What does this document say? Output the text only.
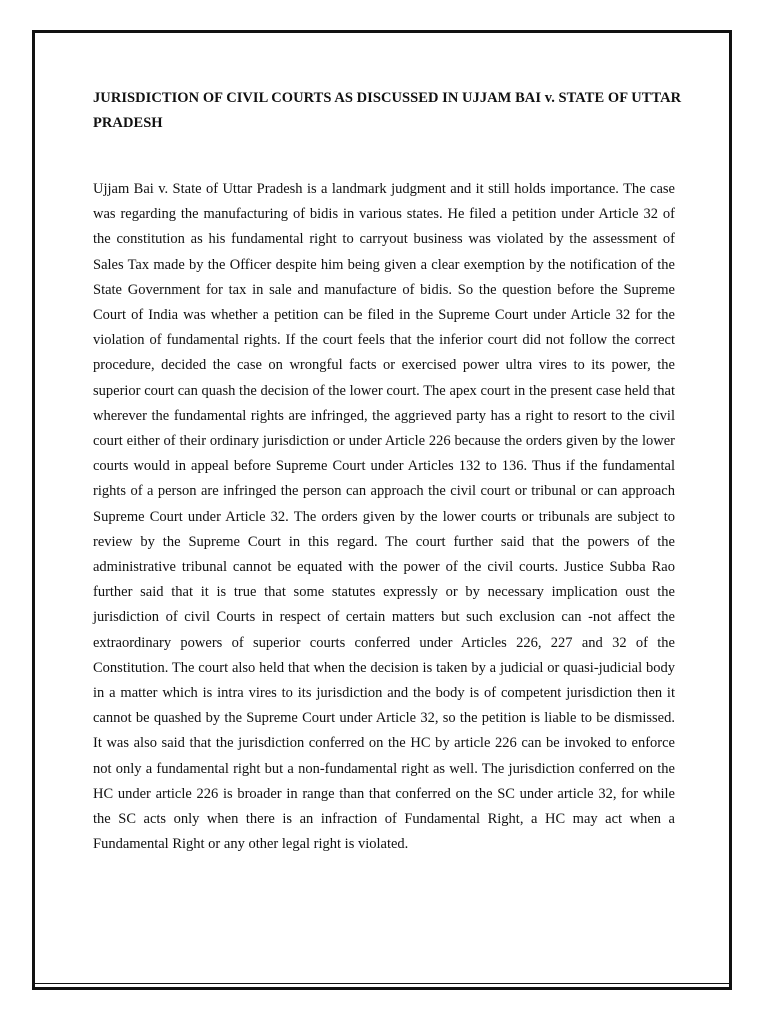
JURISDICTION OF CIVIL COURTS AS DISCUSSED IN UJJAM BAI v. STATE OF UTTAR PRADESH

Ujjam Bai v. State of Uttar Pradesh is a landmark judgment and it still holds importance. The case was regarding the manufacturing of bidis in various states. He filed a petition under Article 32 of the constitution as his fundamental right to carryout business was violated by the assessment of Sales Tax made by the Officer despite him being given a clear exemption by the notification of the State Government for tax in sale and manufacture of bidis. So the question before the Supreme Court of India was whether a petition can be filed in the Supreme Court under Article 32 for the violation of fundamental rights. If the court feels that the inferior court did not follow the correct procedure, decided the case on wrongful facts or exercised power ultra vires to its power, the superior court can quash the decision of the lower court. The apex court in the present case held that wherever the fundamental rights are infringed, the aggrieved party has a right to resort to the civil court either of their ordinary jurisdiction or under Article 226 because the orders given by the lower courts would in appeal before Supreme Court under Articles 132 to 136. Thus if the fundamental rights of a person are infringed the person can approach the civil court or tribunal or can approach Supreme Court under Article 32. The orders given by the lower courts or tribunals are subject to review by the Supreme Court in this regard. The court further said that the powers of the administrative tribunal cannot be equated with the power of the civil courts. Justice Subba Rao further said that it is true that some statutes expressly or by necessary implication oust the jurisdiction of civil Courts in respect of certain matters but such exclusion can -not affect the extraordinary powers of superior courts conferred under Articles 226, 227 and 32 of the Constitution. The court also held that when the decision is taken by a judicial or quasi-judicial body in a matter which is intra vires to its jurisdiction and the body is of competent jurisdiction then it cannot be quashed by the Supreme Court under Article 32, so the petition is liable to be dismissed. It was also said that the jurisdiction conferred on the HC by article 226 can be invoked to enforce not only a fundamental right but a non-fundamental right as well. The jurisdiction conferred on the HC under article 226 is broader in range than that conferred on the SC under article 32, for while the SC acts only when there is an infraction of Fundamental Right, a HC may act when a Fundamental Right or any other legal right is violated.
